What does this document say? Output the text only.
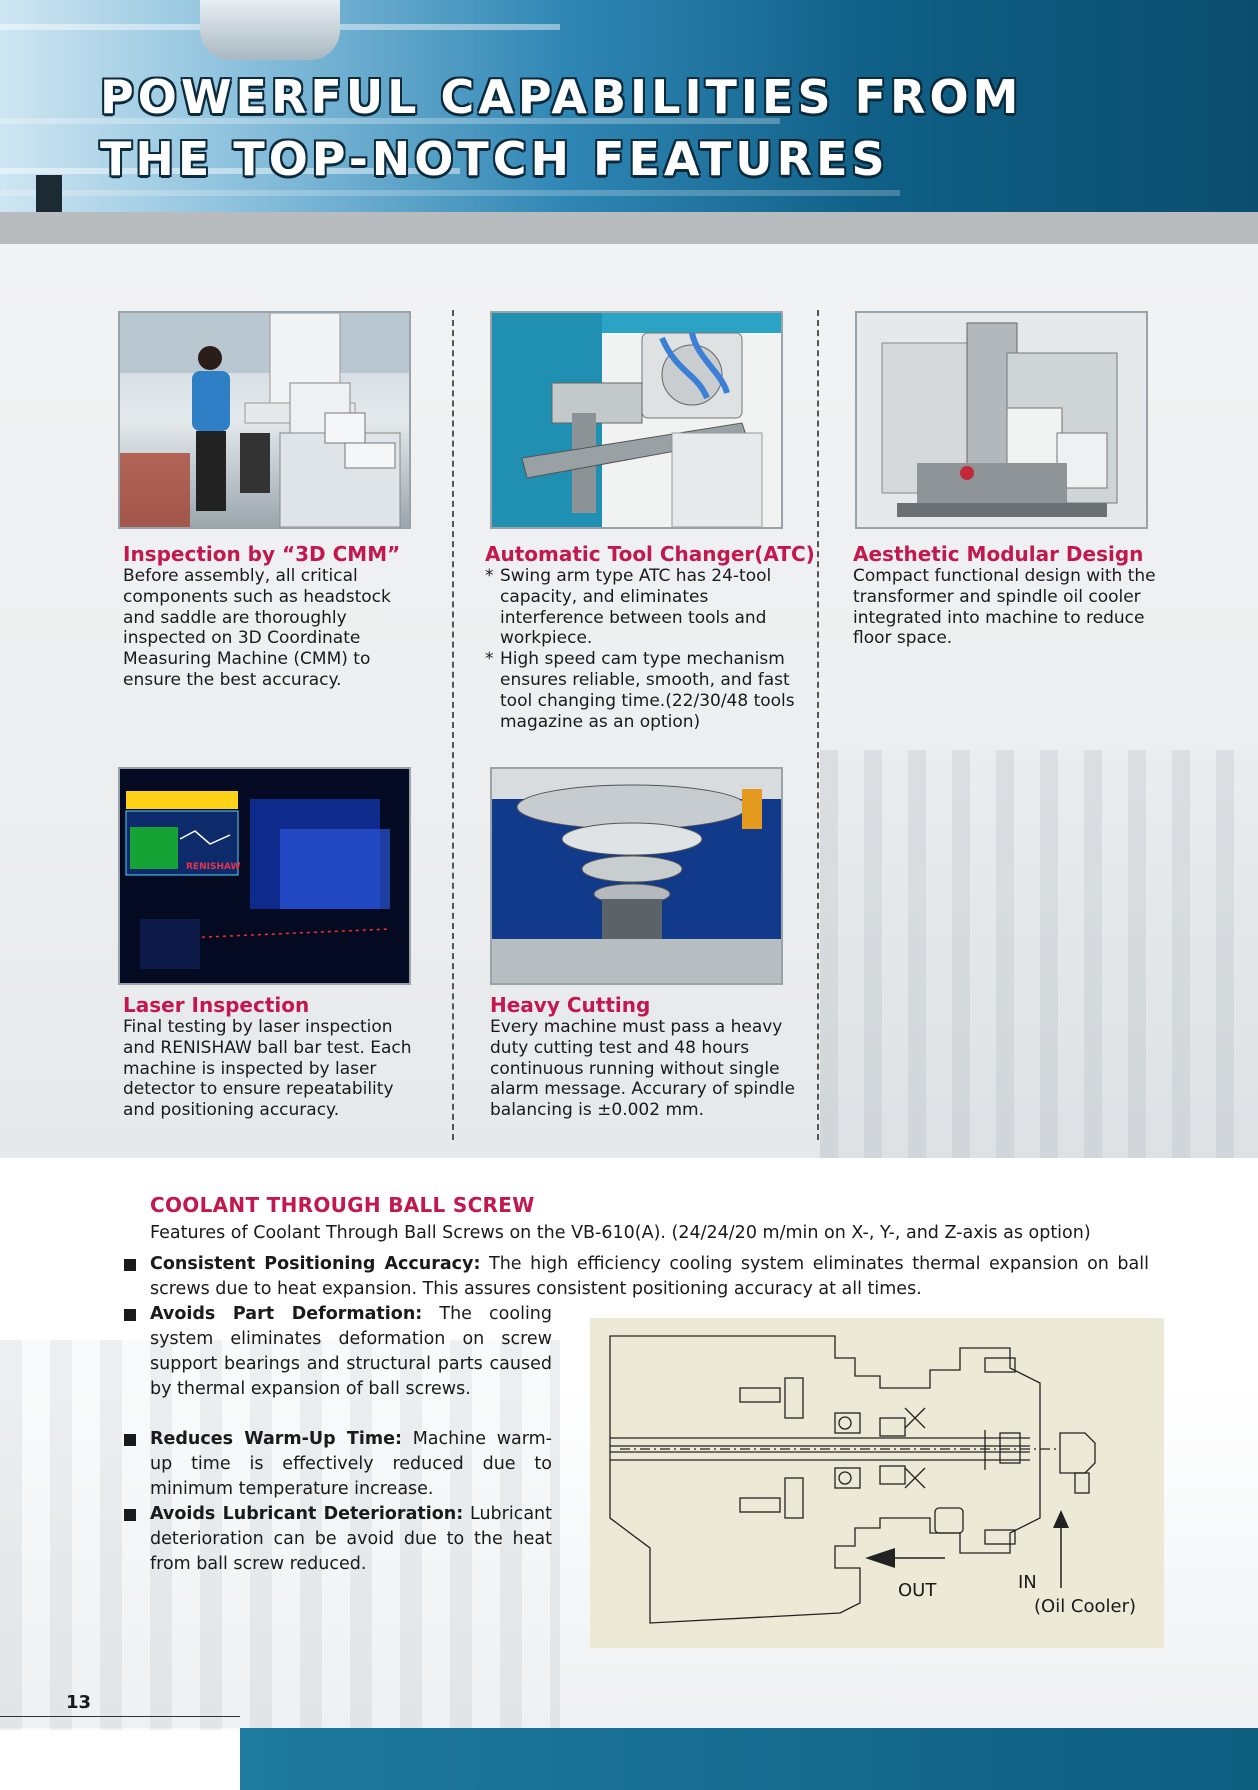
POWERFUL CAPABILITIES FROM
THE TOP-NOTCH FEATURES
Inspection by “3D CMM”

Before assembly, all critical components such as headstock and saddle are thoroughly inspected on 3D Coordinate Measuring Machine (CMM) to ensure the best accuracy.

Automatic Tool Changer(ATC)
* Swing arm type ATC has 24-tool capacity, and eliminates interference between tools and workpiece.
* High speed cam type mechanism ensures reliable, smooth, and fast tool changing time.(22/30/48 tools magazine as an option)
Aesthetic Modular Design

Compact functional design with the transformer and spindle oil cooler integrated into machine to reduce floor space.

RENISHAW
Laser Inspection

Final testing by laser inspection and RENISHAW ball bar test. Each machine is inspected by laser detector to ensure repeatability and positioning accuracy.

Heavy Cutting

Every machine must pass a heavy duty cutting test and 48 hours continuous running without single alarm message. Accurary of spindle balancing is ±0.002 mm.

COOLANT THROUGH BALL SCREW

Features of Coolant Through Ball Screws on the VB-610(A). (24/24/20 m/min on X-, Y-, and Z-axis as option)

Consistent Positioning Accuracy: The high efficiency cooling system eliminates thermal expansion on ball screws due to heat expansion. This assures consistent positioning accuracy at all times.
Avoids Part Deformation: The cooling system eliminates deformation on screw support bearings and structural parts caused by thermal expansion of ball screws.
Reduces Warm-Up Time: Machine warm-up time is effectively reduced due to minimum temperature increase.
Avoids Lubricant Deterioration: Lubricant deterioration can be avoid due to the heat from ball screw reduced.
OUT	IN
(Oil Cooler)

13
